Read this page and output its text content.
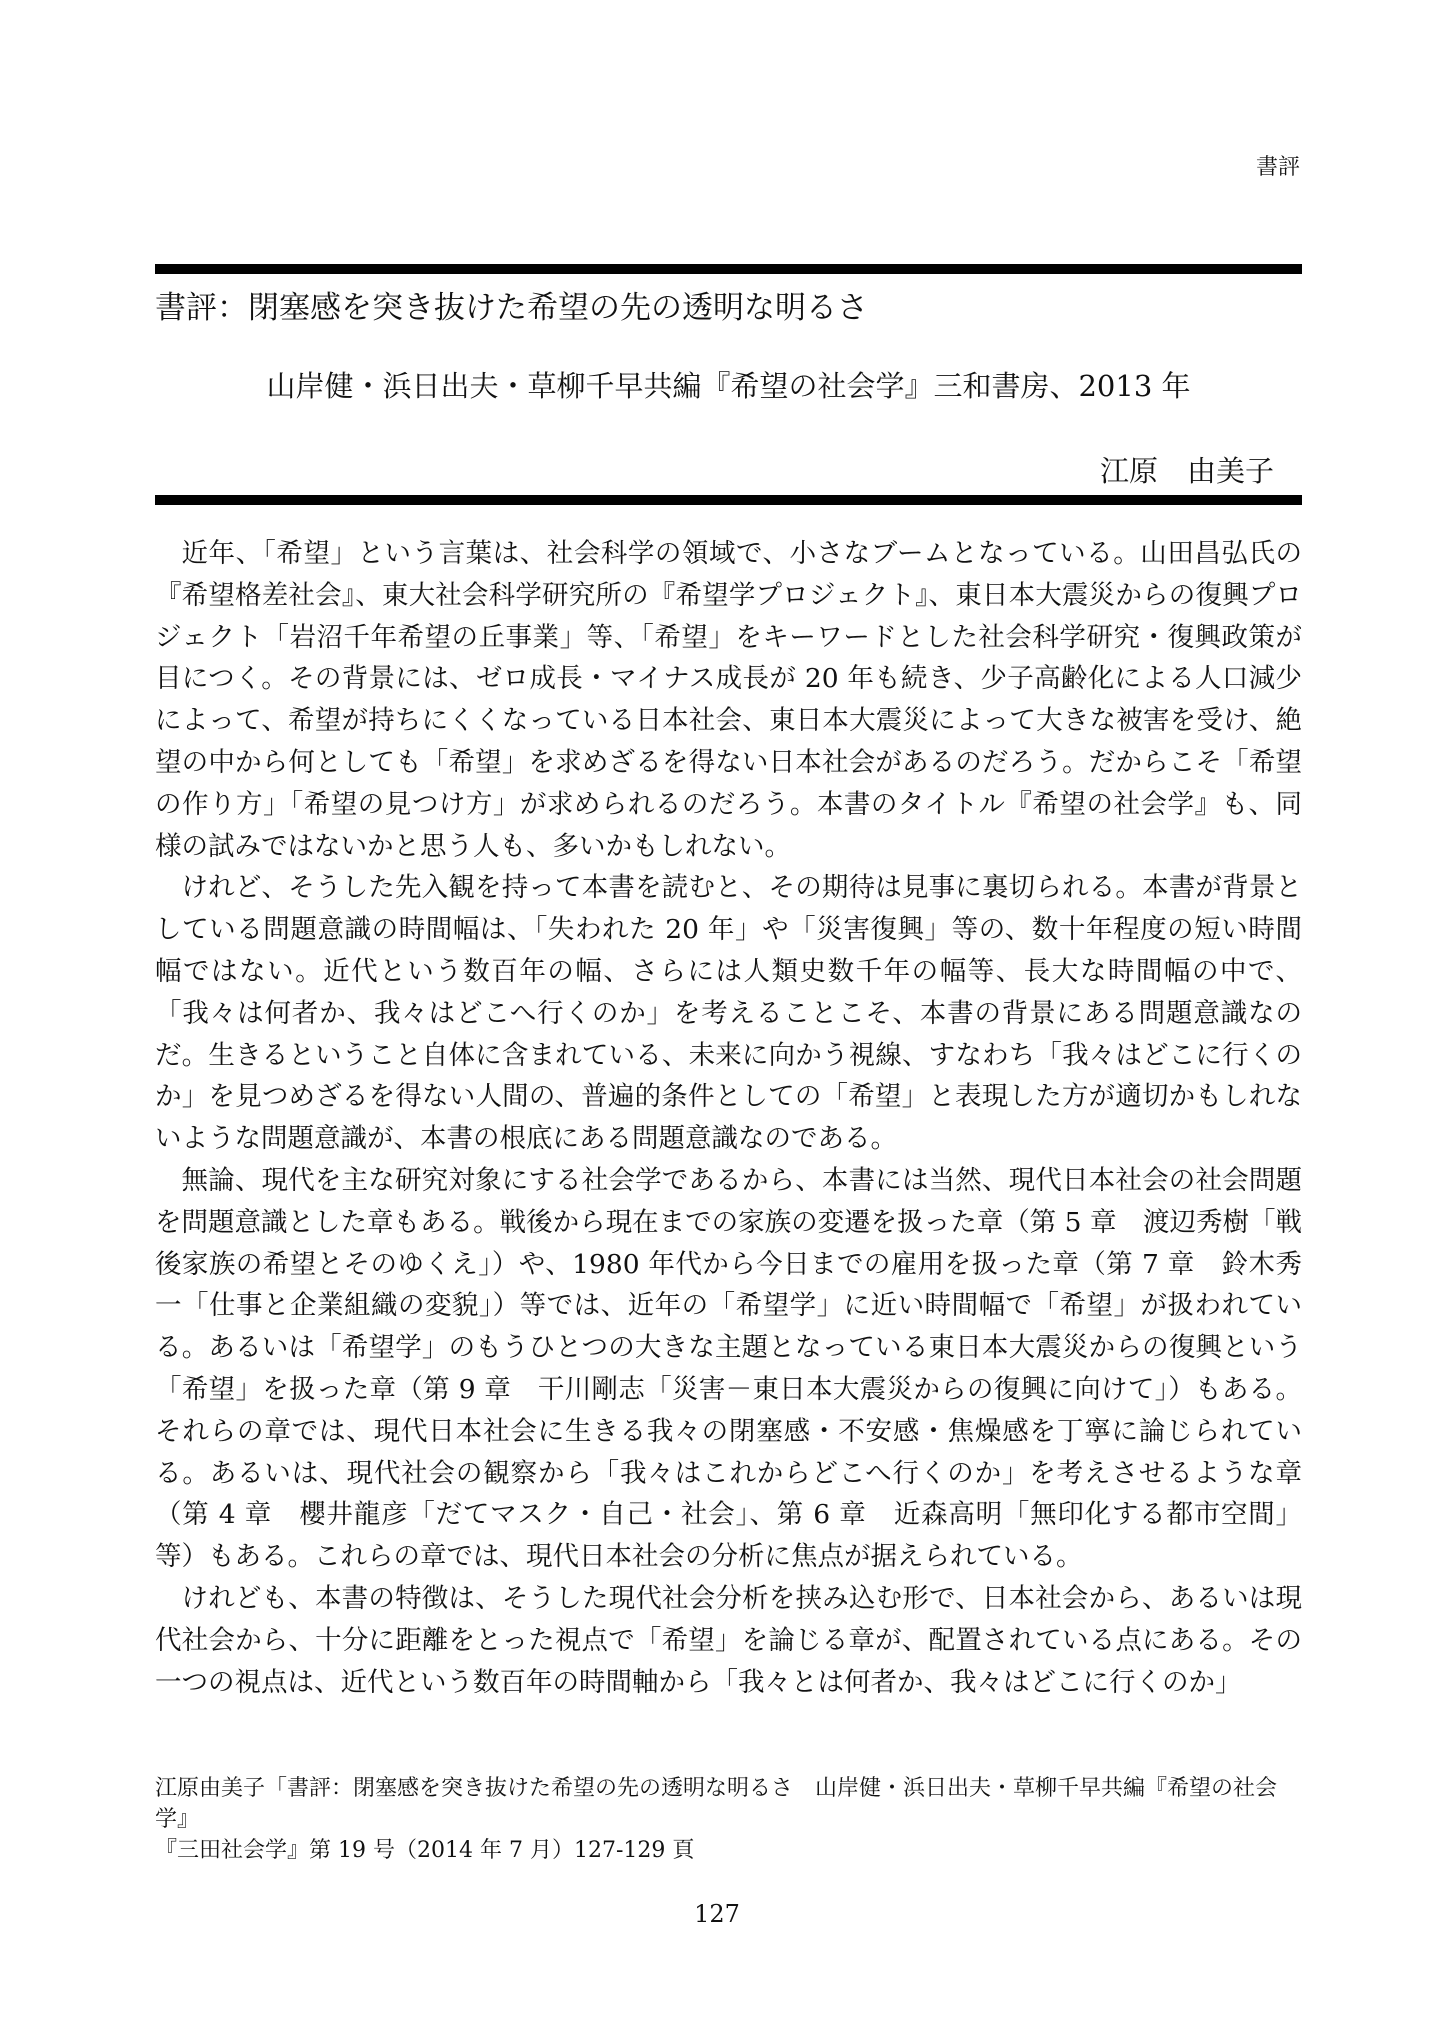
書評
書評：閉塞感を突き抜けた希望の先の透明な明るさ
山岸健・浜日出夫・草柳千早共編『希望の社会学』三和書房、2013 年
江原　由美子

近年、「希望」という言葉は、社会科学の領域で、小さなブームとなっている。山田昌弘氏の『希望格差社会』、東大社会科学研究所の『希望学プロジェクト』、東日本大震災からの復興プロジェクト「岩沼千年希望の丘事業」等、「希望」をキーワードとした社会科学研究・復興政策が目につく。その背景には、ゼロ成長・マイナス成長が 20 年も続き、少子高齢化による人口減少によって、希望が持ちにくくなっている日本社会、東日本大震災によって大きな被害を受け、絶望の中から何としても「希望」を求めざるを得ない日本社会があるのだろう。だからこそ「希望の作り方」「希望の見つけ方」が求められるのだろう。本書のタイトル『希望の社会学』も、同様の試みではないかと思う人も、多いかもしれない。

けれど、そうした先入観を持って本書を読むと、その期待は見事に裏切られる。本書が背景としている問題意識の時間幅は、「失われた 20 年」や「災害復興」等の、数十年程度の短い時間幅ではない。近代という数百年の幅、さらには人類史数千年の幅等、長大な時間幅の中で、「我々は何者か、我々はどこへ行くのか」を考えることこそ、本書の背景にある問題意識なのだ。生きるということ自体に含まれている、未来に向かう視線、すなわち「我々はどこに行くのか」を見つめざるを得ない人間の、普遍的条件としての「希望」と表現した方が適切かもしれないような問題意識が、本書の根底にある問題意識なのである。

無論、現代を主な研究対象にする社会学であるから、本書には当然、現代日本社会の社会問題を問題意識とした章もある。戦後から現在までの家族の変遷を扱った章（第 5 章　渡辺秀樹「戦後家族の希望とそのゆくえ」）や、1980 年代から今日までの雇用を扱った章（第 7 章　鈴木秀一「仕事と企業組織の変貌」）等では、近年の「希望学」に近い時間幅で「希望」が扱われている。あるいは「希望学」のもうひとつの大きな主題となっている東日本大震災からの復興という「希望」を扱った章（第 9 章　干川剛志「災害－東日本大震災からの復興に向けて」）もある。それらの章では、現代日本社会に生きる我々の閉塞感・不安感・焦燥感を丁寧に論じられている。あるいは、現代社会の観察から「我々はこれからどこへ行くのか」を考えさせるような章（第 4 章　櫻井龍彦「だてマスク・自己・社会」、第 6 章　近森高明「無印化する都市空間」等）もある。これらの章では、現代日本社会の分析に焦点が据えられている。

けれども、本書の特徴は、そうした現代社会分析を挟み込む形で、日本社会から、あるいは現代社会から、十分に距離をとった視点で「希望」を論じる章が、配置されている点にある。その一つの視点は、近代という数百年の時間軸から「我々とは何者か、我々はどこに行くのか」

江原由美子「書評：閉塞感を突き抜けた希望の先の透明な明るさ　山岸健・浜日出夫・草柳千早共編『希望の社会学』
『三田社会学』第 19 号（2014 年 7 月）127-129 頁
127
